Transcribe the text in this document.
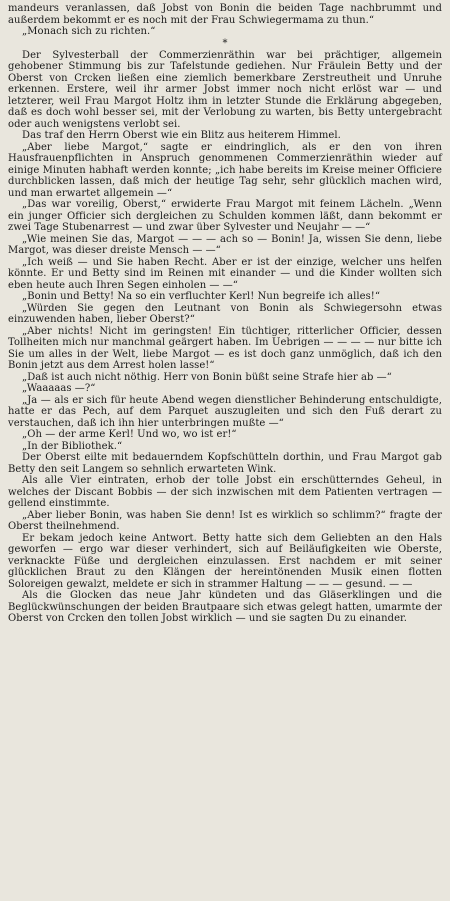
mandeurs veranlassen, daß Jobst von Bonin die beiden Tage nachbrummt und außerdem bekommt er es noch mit der Frau Schwiegermama zu thun.“

„Monach sich zu richten.“

*

Der Sylvesterball der Commerzienräthin war bei prächtiger, allgemein gehobener Stimmung bis zur Tafelstunde gediehen. Nur Fräulein Betty und der Oberst von Crcken ließen eine ziemlich bemerkbare Zerstreutheit und Unruhe erkennen. Erstere, weil ihr armer Jobst immer noch nicht erlöst war — und letzterer, weil Frau Margot Holtz ihm in letzter Stunde die Erklärung abgegeben, daß es doch wohl besser sei, mit der Verlobung zu warten, bis Betty untergebracht oder auch wenigstens verlobt sei.

Das traf den Herrn Oberst wie ein Blitz aus heiterem Himmel.

„Aber liebe Margot,“ sagte er eindringlich, als er den von ihren Hausfrauenpflichten in Anspruch genommenen Commerzienräthin wieder auf einige Minuten habhaft werden konnte; „ich habe bereits im Kreise meiner Officiere durchblicken lassen, daß mich der heutige Tag sehr, sehr glücklich machen wird, und man erwartet allgemein —“

„Das war voreilig, Oberst,“ erwiderte Frau Margot mit feinem Lächeln. „Wenn ein junger Officier sich dergleichen zu Schulden kommen läßt, dann bekommt er zwei Tage Stubenarrest — und zwar über Sylvester und Neujahr — —“

„Wie meinen Sie das, Margot — — — ach so — Bonin! Ja, wissen Sie denn, liebe Margot, was dieser dreiste Mensch — —“

„Ich weiß — und Sie haben Recht. Aber er ist der einzige, welcher uns helfen könnte. Er und Betty sind im Reinen mit einander — und die Kinder wollten sich eben heute auch Ihren Segen einholen — —“

„Bonin und Betty! Na so ein verfluchter Kerl! Nun begreife ich alles!“

„Würden Sie gegen den Leutnant von Bonin als Schwiegersohn etwas einzuwenden haben, lieber Oberst?“

„Aber nichts! Nicht im geringsten! Ein tüchtiger, ritterlicher Officier, dessen Tollheiten mich nur manchmal geärgert haben. Im Uebrigen — — — — nur bitte ich Sie um alles in der Welt, liebe Margot — es ist doch ganz unmöglich, daß ich den Bonin jetzt aus dem Arrest holen lasse!“

„Daß ist auch nicht nöthig. Herr von Bonin büßt seine Strafe hier ab —“

„Waaaaas —?“

„Ja — als er sich für heute Abend wegen dienstlicher Behinderung entschuldigte, hatte er das Pech, auf dem Parquet auszugleiten und sich den Fuß derart zu verstauchen, daß ich ihn hier unterbringen mußte —“

„Oh — der arme Kerl! Und wo, wo ist er!“

„In der Bibliothek.“

Der Oberst eilte mit bedauerndem Kopfschütteln dorthin, und Frau Margot gab Betty den seit Langem so sehnlich erwarteten Wink.

Als alle Vier eintraten, erhob der tolle Jobst ein erschütterndes Geheul, in welches der Discant Bobbis — der sich inzwischen mit dem Patienten vertragen — gellend einstimmte.

„Aber lieber Bonin, was haben Sie denn! Ist es wirklich so schlimm?“ fragte der Oberst theilnehmend.

Er bekam jedoch keine Antwort. Betty hatte sich dem Geliebten an den Hals geworfen — ergo war dieser verhindert, sich auf Beiläufigkeiten wie Oberste, verknackte Füße und dergleichen einzulassen. Erst nachdem er mit seiner glücklichen Braut zu den Klängen der hereintönenden Musik einen flotten Soloreigen gewalzt, meldete er sich in strammer Haltung — — — gesund. — —

Als die Glocken das neue Jahr kündeten und das Gläserklingen und die Beglückwünschungen der beiden Brautpaare sich etwas gelegt hatten, umarmte der Oberst von Crcken den tollen Jobst wirklich — und sie sagten Du zu einander.
